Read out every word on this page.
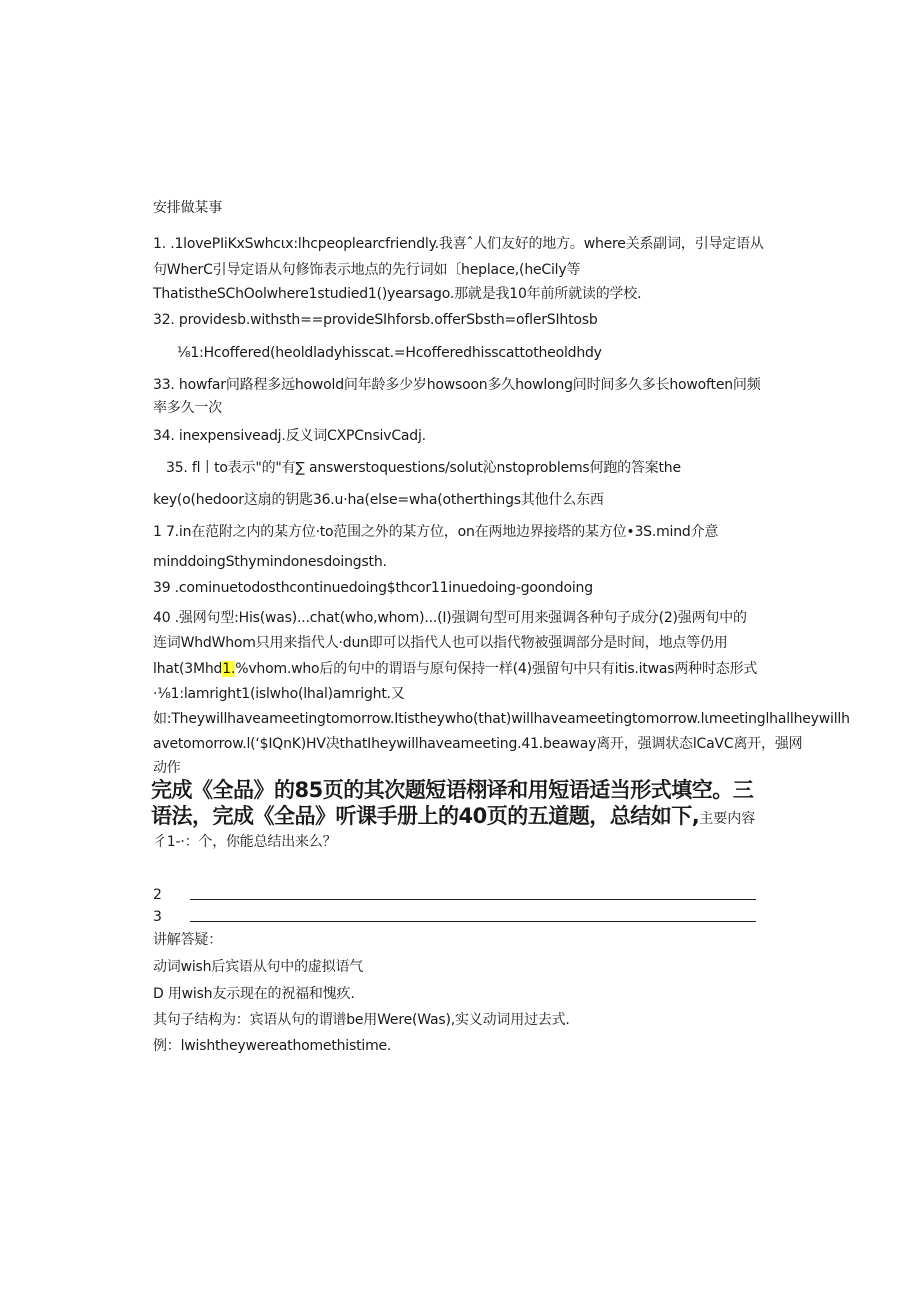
安排做某事
1. .1lovePIiKxSwhcιx:lhcpeoplearcfriendly.我喜ˆ人们友好的地方。where关系副词，引导定语从
句WherC引导定语从句修饰表示地点的先行词如〔heplace,(heCily等
ThatistheSChOolwhere1studied1()yearsago.那就是我10年前所就读的学校.
32. providesb.withsth==provideSIhforsb.offerSbsth=oflerSIhtosb
⅛1:Hcoffered(heoldladyhisscat.=Hcofferedhisscattotheoldhdy
33. howfar问路程多远howold问年龄多少岁howsoon多久howlong问时间多久多长howoften问频
率多久一次
34. inexpensiveadj.反义词CXPCnsivCadj.
35. fl丨to表示"的"有∑ answerstoquestions/solut沁nstoproblems何跑的答案the
key(o(hedoor这扇的钥匙36.u·ha(else=wha(otherthings其他什么东西
1 7.in在范附之内的某方位·to范围之外的某方位，on在两地边界接塔的某方位•3S.mind介意
minddoingSthymindonesdoingsth.
39 .cominuetodosthcontinuedoing$thcor11inuedoing-goondoing
40 .强网句型:His(was)...chat(who,whom)...(I)强调句型可用来强调各种句子成分(2)强两旬中的
连词WhdWhom只用来指代人·dun即可以指代人也可以指代物被强调部分是时间，地点等仍用
lhat(3Mhd1.%vhom.who后的句中的谓语与原句保持一样(4)强留句中只有itis.itwas两种时态形式
·⅛1:lamright1(islwho(lhal)amright.又
如:Theywillhaveameetingtomorrow.Itistheywho(that)willhaveameetingtomorrow.lιmeetinglhallheywillh
avetomorrow.l(‘$IQnK)HV决thatIheywillhaveameeting.41.beaway离开，强调状态lCaVC离开，强网
动作
完成《全品》的85页的其次题短语栩译和用短语适当形式填空。三
语法，完成《全品》听课手册上的40页的五道题，总结如下,主要内容
彳1-·：个，你能总结出来么？
2
3
讲解答疑：
动词wish后宾语从句中的虚拟语气
D 用wish友示现在的祝福和愧疚.
其句子结构为：宾语从句的谓谱be用Were(Was),实义动词用过去式.
例：lwishtheywereathomethistime.
